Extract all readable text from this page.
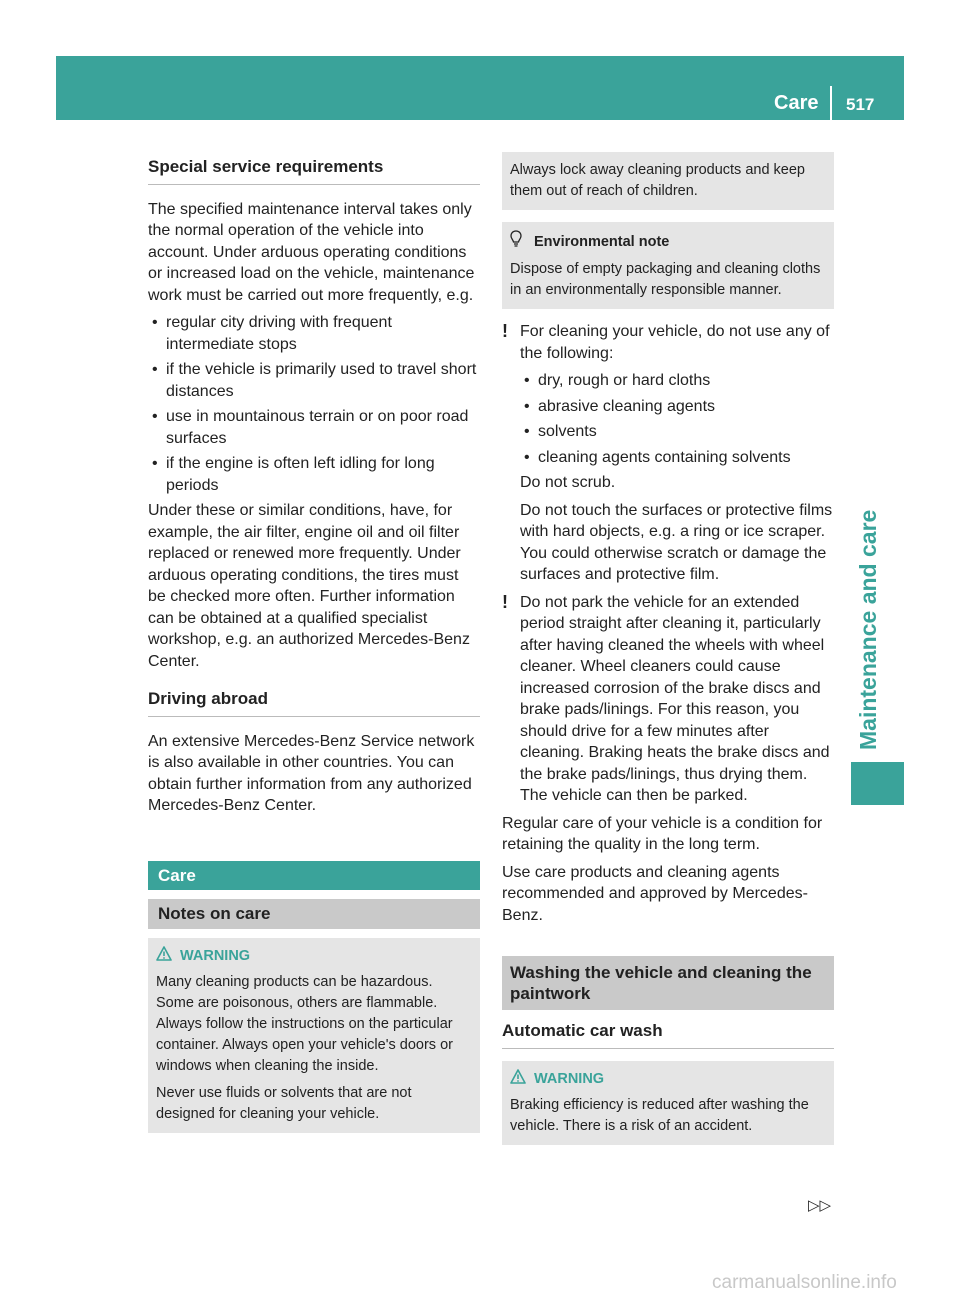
Care 517
Maintenance and care
Special service requirements

The specified maintenance interval takes only the normal operation of the vehicle into account. Under arduous operating conditions or increased load on the vehicle, maintenance work must be carried out more frequently, e.g.

• regular city driving with frequent intermediate stops
• if the vehicle is primarily used to travel short distances
• use in mountainous terrain or on poor road surfaces
• if the engine is often left idling for long periods

Under these or similar conditions, have, for example, the air filter, engine oil and oil filter replaced or renewed more frequently. Under arduous operating conditions, the tires must be checked more often. Further information can be obtained at a qualified specialist workshop, e.g. an authorized Mercedes-Benz Center.

Driving abroad

An extensive Mercedes-Benz Service network is also available in other countries. You can obtain further information from any authorized Mercedes-Benz Center.

Care
Notes on care
WARNING

Many cleaning products can be hazardous. Some are poisonous, others are flammable. Always follow the instructions on the particular container. Always open your vehicle's doors or windows when cleaning the inside.

Never use fluids or solvents that are not designed for cleaning your vehicle.

Always lock away cleaning products and keep them out of reach of children.

Environmental note

Dispose of empty packaging and cleaning cloths in an environmentally responsible manner.

! For cleaning your vehicle, do not use any of the following:

• dry, rough or hard cloths
• abrasive cleaning agents
• solvents
• cleaning agents containing solvents

Do not scrub.

Do not touch the surfaces or protective films with hard objects, e.g. a ring or ice scraper. You could otherwise scratch or damage the surfaces and protective film.

! Do not park the vehicle for an extended period straight after cleaning it, particularly after having cleaned the wheels with wheel cleaner. Wheel cleaners could cause increased corrosion of the brake discs and brake pads/linings. For this reason, you should drive for a few minutes after cleaning. Braking heats the brake discs and the brake pads/linings, thus drying them. The vehicle can then be parked.

Regular care of your vehicle is a condition for retaining the quality in the long term.

Use care products and cleaning agents recommended and approved by Mercedes-Benz.

Washing the vehicle and cleaning the paintwork
Automatic car wash
WARNING

Braking efficiency is reduced after washing the vehicle. There is a risk of an accident.

▷▷
carmanualsonline.info
